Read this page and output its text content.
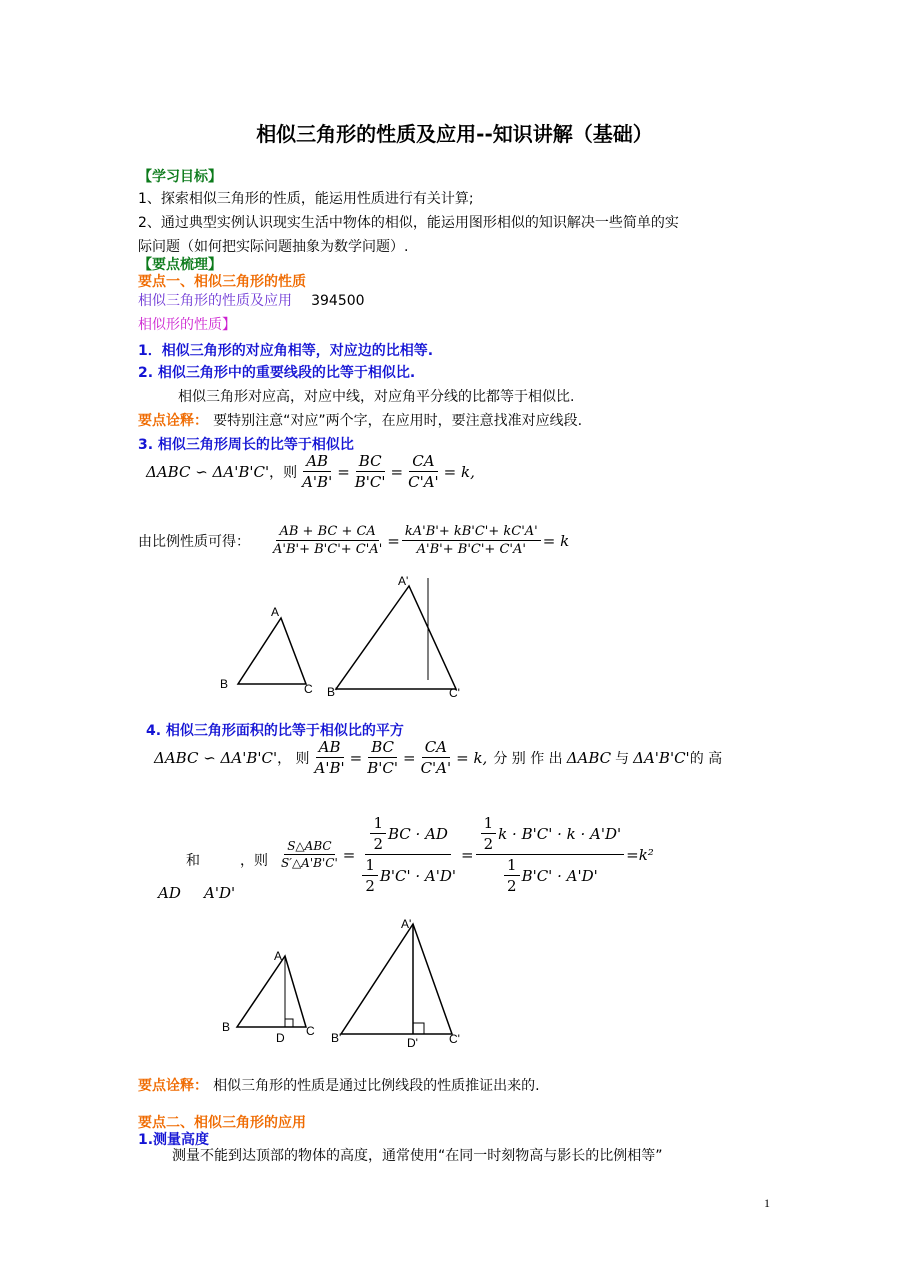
相似三角形的性质及应用--知识讲解（基础）
【学习目标】
1、探索相似三角形的性质，能运用性质进行有关计算;
2、通过典型实例认识现实生活中物体的相似，能运用图形相似的知识解决一些简单的实
际问题（如何把实际问题抽象为数学问题）.
【要点梳理】
要点一、相似三角形的性质
相似三角形的性质及应用 394500
相似形的性质】
1．相似三角形的对应角相等，对应边的比相等.
2. 相似三角形中的重要线段的比等于相似比.
相似三角形对应高，对应中线，对应角平分线的比都等于相似比.
要点诠释： 要特别注意“对应”两个字，在应用时，要注意找准对应线段.
3. 相似三角形周长的比等于相似比
ΔABC ∽ ΔA'B'C' ，则 $\frac{AB}{A'B'} = \frac{BC}{B'C'} = \frac{CA}{C'A'} = k$,
由比例性质可得： $\frac{AB + BC + CA}{A'B'+ B'C'+ C'A'} = \frac{kA'B'+ kB'C'+ kC'A'}{A'B'+ B'C'+ C'A'} = k$
A
B	C
A'
B'	C'
4. 相似三角形面积的比等于相似比的平方
ΔABC ∽ ΔA'B'C' ， 则 $\frac{AB}{A'B'} = \frac{BC}{B'C'} = \frac{CA}{C'A'} = k$, 分 别 作 出 ΔABC 与 ΔA'B'C' 的 高
和	，则 $\frac{\text{S△ABC}}{S'\triangle A'B'C'} = \frac{\frac{1}{2} BC \cdot AD}{\frac{1}{2} B'C' \cdot A'D'} = \frac{\frac{1}{2} k \cdot B'C' \cdot k \cdot A'D'}{\frac{1}{2} B'C' \cdot A'D'} =k^2$
AD A'D'
A
B	C
D
A'
B'	C'
D'
要点诠释： 相似三角形的性质是通过比例线段的性质推证出来的.
要点二、相似三角形的应用
1.测量高度
测量不能到达顶部的物体的高度，通常使用“在同一时刻物高与影长的比例相等”
1
